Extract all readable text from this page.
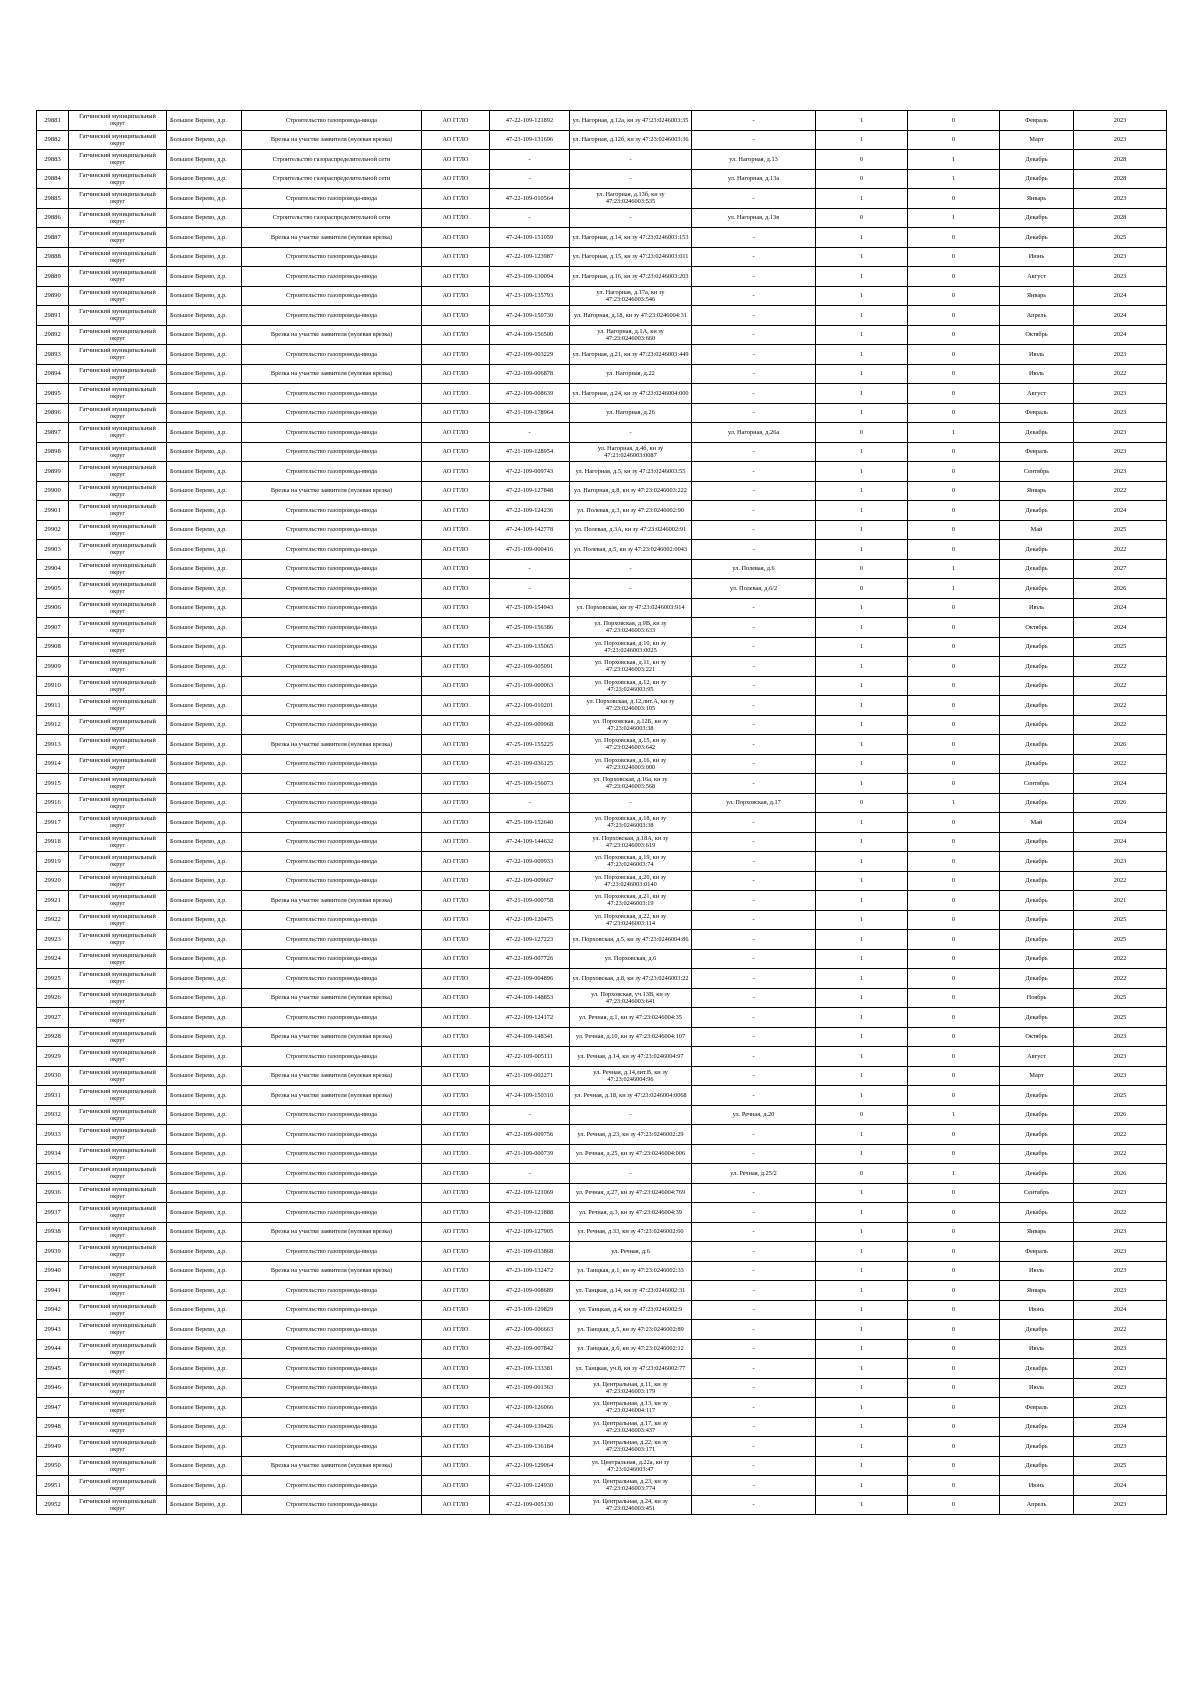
29881	Гатчинский муниципальный округ	Большое Верево, д.р.	Строительство газопровода-ввода	АО ГГЛО	47-22-109-121892	ул. Нагорная, д.12а, кн зу 47:23:0246003:35	-	1	0	Февраль	2023
29882	Гатчинский муниципальный округ	Большое Верево, д.р.	Врезка на участке заявителя (нулевая врезка)	АО ГГЛО	47-23-109-131696	ул. Нагорная, д.12б, кн зу 47:23:0246003:36	-	1	0	Март	2023
29883	Гатчинский муниципальный округ	Большое Верево, д.р.	Строительство газораспределительной сети	АО ГГЛО	-	-	ул. Нагорная, д.13	0	1	Декабрь	2028
29884	Гатчинский муниципальный округ	Большое Верево, д.р.	Строительство газораспределительной сети	АО ГГЛО	-	-	ул. Нагорная, д.13а	0	1	Декабрь	2028
29885	Гатчинский муниципальный округ	Большое Верево, д.р.	Строительство газопровода-ввода	АО ГГЛО	47-22-109-010564	ул. Нагорная, д.13б, кн зу 47:23:0246003:535	-	1	0	Январь	2023
29886	Гатчинский муниципальный округ	Большое Верево, д.р.	Строительство газораспределительной сети	АО ГГЛО	-	-	ул. Нагорная, д.13в	0	1	Декабрь	2028
29887	Гатчинский муниципальный округ	Большое Верево, д.р.	Врезка на участке заявителя (нулевая врезка)	АО ГГЛО	47-24-109-151059	ул. Нагорная, д.14, кн зу 47:23:0246003:153	-	1	0	Декабрь	2025
29888	Гатчинский муниципальный округ	Большое Верево, д.р.	Строительство газопровода-ввода	АО ГГЛО	47-22-109-123987	ул. Нагорная, д.15, кн зу 47:23:0246003:011	-	1	0	Июнь	2023
29889	Гатчинский муниципальный округ	Большое Верево, д.р.	Строительство газопровода-ввода	АО ГГЛО	47-23-109-130094	ул. Нагорная, д.16, кн зу 47:23:0246003:203	-	1	0	Август	2023
29890	Гатчинский муниципальный округ	Большое Верево, д.р.	Строительство газопровода-ввода	АО ГГЛО	47-23-109-135793	ул. Нагорная, д.17а, кн зу 47:23:0246003:546	-	1	0	Январь	2024
29891	Гатчинский муниципальный округ	Большое Верево, д.р.	Строительство газопровода-ввода	АО ГГЛО	47-24-109-150730	ул. Нагорная, д.18, кн зу 47:23:0246004:31	-	1	0	Апрель	2024
29892	Гатчинский муниципальный округ	Большое Верево, д.р.	Врезка на участке заявителя (нулевая врезка)	АО ГГЛО	47-24-109-156500	ул. Нагорная, д.1А, кн зу 47:23:0246003:660	-	1	0	Октябрь	2024
29893	Гатчинский муниципальный округ	Большое Верево, д.р.	Строительство газопровода-ввода	АО ГГЛО	47-22-109-003229	ул. Нагорная, д.21, кн зу 47:23:0246003:449	-	1	0	Июль	2023
29894	Гатчинский муниципальный округ	Большое Верево, д.р.	Врезка на участке заявителя (нулевая врезка)	АО ГГЛО	47-22-109-006878	ул. Нагорная, д.22	-	1	0	Июль	2022
29895	Гатчинский муниципальный округ	Большое Верево, д.р.	Строительство газопровода-ввода	АО ГГЛО	47-22-109-008639	ул. Нагорная, д.24, кн зу 47:23:0246004:000	-	1	0	Август	2023
29896	Гатчинский муниципальный округ	Большое Верево, д.р.	Строительство газопровода-ввода	АО ГГЛО	47-21-109-178964	ул. Нагорная, д.26	-	1	0	Февраль	2023
29897	Гатчинский муниципальный округ	Большое Верево, д.р.	Строительство газопровода-ввода	АО ГГЛО	-	-	ул. Нагорная, д.26а	0	1	Декабрь	2023
29898	Гатчинский муниципальный округ	Большое Верево, д.р.	Строительство газопровода-ввода	АО ГГЛО	47-21-109-128954	ул. Нагорная, д.4б, кн зу 47:23:0246003:0087	-	1	0	Февраль	2023
29899	Гатчинский муниципальный округ	Большое Верево, д.р.	Строительство газопровода-ввода	АО ГГЛО	47-22-109-009743	ул. Нагорная, д.5, кн зу 47:23:0246003:55	-	1	0	Сентябрь	2023
29900	Гатчинский муниципальный округ	Большое Верево, д.р.	Врезка на участке заявителя (нулевая врезка)	АО ГГЛО	47-22-109-127848	ул. Нагорная, д.8, кн зу 47:23:0246003:222	-	1	0	Январь	2022
29901	Гатчинский муниципальный округ	Большое Верево, д.р.	Строительство газопровода-ввода	АО ГГЛО	47-22-109-124236	ул. Полевая, д.3, кн зу 47:23:0246002:90	-	1	0	Декабрь	2024
29902	Гатчинский муниципальный округ	Большое Верево, д.р.	Строительство газопровода-ввода	АО ГГЛО	47-24-109-142778	ул. Полевая, д.3А, кн зу 47:23:0246002:91	-	1	0	Май	2025
29903	Гатчинский муниципальный округ	Большое Верево, д.р.	Строительство газопровода-ввода	АО ГГЛО	47-21-109-000416	ул. Полевая, д.5, кн зу 47:23:0246002:0043	-	1	0	Декабрь	2022
29904	Гатчинский муниципальный округ	Большое Верево, д.р.	Строительство газопровода-ввода	АО ГГЛО	-	-	ул. Полевая, д.6	0	1	Декабрь	2027
29905	Гатчинский муниципальный округ	Большое Верево, д.р.	Строительство газопровода-ввода	АО ГГЛО	-	-	ул. Полевая, д.6/2	0	1	Декабрь	2026
29906	Гатчинский муниципальный округ	Большое Верево, д.р.	Строительство газопровода-ввода	АО ГГЛО	47-25-109-154943	ул. Порховская, кн зу 47:23:0246003:914	-	1	0	Июль	2024
29907	Гатчинский муниципальный округ	Большое Верево, д.р.	Строительство газопровода-ввода	АО ГГЛО	47-25-109-156386	ул. Порховская, д.9В, кн зу 47:23:0246003:633	-	1	0	Октябрь	2024
29908	Гатчинский муниципальный округ	Большое Верево, д.р.	Строительство газопровода-ввода	АО ГГЛО	47-23-109-135065	ул. Порховская, д.10, кн зу 47:23:0246003:0025	-	1	0	Декабрь	2025
29909	Гатчинский муниципальный округ	Большое Верево, д.р.	Строительство газопровода-ввода	АО ГГЛО	47-22-109-005091	ул. Порховская, д.11, кн зу 47:23:0246003:221	-	1	0	Декабрь	2022
29910	Гатчинский муниципальный округ	Большое Верево, д.р.	Строительство газопровода-ввода	АО ГГЛО	47-21-109-000063	ул. Порховская, д.12, кн зу 47:23:0246003:95	-	1	0	Декабрь	2022
29911	Гатчинский муниципальный округ	Большое Верево, д.р.	Строительство газопровода-ввода	АО ГГЛО	47-22-109-010201	ул. Порховская, д.12,лит.А, кн зу 47:23:0246003:105	-	1	0	Декабрь	2022
29912	Гатчинский муниципальный округ	Большое Верево, д.р.	Строительство газопровода-ввода	АО ГГЛО	47-22-109-009968	ул. Порховская, д.12Б, кн зу 47:23:0246003:38	-	1	0	Декабрь	2022
29913	Гатчинский муниципальный округ	Большое Верево, д.р.	Врезка на участке заявителя (нулевая врезка)	АО ГГЛО	47-25-109-155225	ул. Порховская, д.15, кн зу 47:23:0246003:642	-	1	0	Декабрь	2026
29914	Гатчинский муниципальный округ	Большое Верево, д.р.	Строительство газопровода-ввода	АО ГГЛО	47-21-109-036125	ул. Порховская, д.16, кн зу 47:23:0246003:000	-	1	0	Декабрь	2022
29915	Гатчинский муниципальный округ	Большое Верево, д.р.	Строительство газопровода-ввода	АО ГГЛО	47-25-109-156073	ул. Порховская, д.16а, кн зу 47:23:0246003:568	-	1	0	Сентябрь	2024
29916	Гатчинский муниципальный округ	Большое Верево, д.р.	Строительство газопровода-ввода	АО ГГЛО	-	-	ул. Порховская, д.17	0	1	Декабрь	2026
29917	Гатчинский муниципальный округ	Большое Верево, д.р.	Строительство газопровода-ввода	АО ГГЛО	47-25-109-152640	ул. Порховская, д.18, кн зу 47:23:0246003:38	-	1	0	Май	2024
29918	Гатчинский муниципальный округ	Большое Верево, д.р.	Строительство газопровода-ввода	АО ГГЛО	47-24-109-144632	ул. Порховская, д.18А, кн зу 47:23:0246003:619	-	1	0	Декабрь	2024
29919	Гатчинский муниципальный округ	Большое Верево, д.р.	Строительство газопровода-ввода	АО ГГЛО	47-22-109-009933	ул. Порховская, д.19, кн зу 47:23:0246003:74	-	1	0	Декабрь	2023
29920	Гатчинский муниципальный округ	Большое Верево, д.р.	Строительство газопровода-ввода	АО ГГЛО	47-22-109-009667	ул. Порховская, д.20, кн зу 47:23:0246003:0140	-	1	0	Декабрь	2022
29921	Гатчинский муниципальный округ	Большое Верево, д.р.	Врезка на участке заявителя (нулевая врезка)	АО ГГЛО	47-21-109-000758	ул. Порховская, д.21, кн зу 47:23:0246003:19	-	1	0	Декабрь	2021
29922	Гатчинский муниципальный округ	Большое Верево, д.р.	Строительство газопровода-ввода	АО ГГЛО	47-22-109-120475	ул. Порховская, д.22, кн зу 47:23:0246003:114	-	1	0	Декабрь	2025
29923	Гатчинский муниципальный округ	Большое Верево, д.р.	Строительство газопровода-ввода	АО ГГЛО	47-22-109-127223	ул. Порховская, д.5, кн зу 47:23:0246004:86	-	1	0	Декабрь	2025
29924	Гатчинский муниципальный округ	Большое Верево, д.р.	Строительство газопровода-ввода	АО ГГЛО	47-22-109-007726	ул. Порховская, д.6	-	1	0	Декабрь	2022
29925	Гатчинский муниципальный округ	Большое Верево, д.р.	Строительство газопровода-ввода	АО ГГЛО	47-22-109-004896	ул. Порховская, д.8, кн зу 47:23:0246003:22	-	1	0	Декабрь	2022
29926	Гатчинский муниципальный округ	Большое Верево, д.р.	Врезка на участке заявителя (нулевая врезка)	АО ГГЛО	47-24-109-148853	ул. Порховская, уч.13В, кн зу 47:23:0246003:641	-	1	0	Ноябрь	2025
29927	Гатчинский муниципальный округ	Большое Верево, д.р.	Строительство газопровода-ввода	АО ГГЛО	47-22-109-124172	ул. Речная, д.1, кн зу 47:23:0246004:35	-	1	0	Декабрь	2025
29928	Гатчинский муниципальный округ	Большое Верево, д.р.	Врезка на участке заявителя (нулевая врезка)	АО ГГЛО	47-24-109-148341	ул. Речная, д.10, кн зу 47:23:0246004:107	-	1	0	Октябрь	2023
29929	Гатчинский муниципальный округ	Большое Верево, д.р.	Строительство газопровода-ввода	АО ГГЛО	47-22-109-005111	ул. Речная, д.14, кн зу 47:23:0246004:97	-	1	0	Август	2023
29930	Гатчинский муниципальный округ	Большое Верево, д.р.	Врезка на участке заявителя (нулевая врезка)	АО ГГЛО	47-21-109-002271	ул. Речная, д.14,лит.В, кн зу 47:23:0246004:96	-	1	0	Март	2023
29931	Гатчинский муниципальный округ	Большое Верево, д.р.	Врезка на участке заявителя (нулевая врезка)	АО ГГЛО	47-24-109-150310	ул. Речная, д.18, кн зу 47:23:0246004:0068	-	1	0	Декабрь	2025
29932	Гатчинский муниципальный округ	Большое Верево, д.р.	Строительство газопровода-ввода	АО ГГЛО	-	-	ул. Речная, д.20	0	1	Декабрь	2026
29933	Гатчинский муниципальный округ	Большое Верево, д.р.	Строительство газопровода-ввода	АО ГГЛО	47-22-109-009756	ул. Речная, д.23, кн зу 47:23:0246002:29	-	1	0	Декабрь	2022
29934	Гатчинский муниципальный округ	Большое Верево, д.р.	Строительство газопровода-ввода	АО ГГЛО	47-21-109-000739	ул. Речная, д.25, кн зу 47:23:0246004:006	-	1	0	Декабрь	2022
29935	Гатчинский муниципальный округ	Большое Верево, д.р.	Строительство газопровода-ввода	АО ГГЛО	-	-	ул. Речная, д.25/2	0	1	Декабрь	2026
29936	Гатчинский муниципальный округ	Большое Верево, д.р.	Строительство газопровода-ввода	АО ГГЛО	47-22-109-121069	ул. Речная, д.27, кн зу 47:23:0246004:769	-	1	0	Сентябрь	2023
29937	Гатчинский муниципальный округ	Большое Верево, д.р.	Строительство газопровода-ввода	АО ГГЛО	47-21-109-121888	ул. Речная, д.3, кн зу 47:23:0246004:39	-	1	0	Декабрь	2022
29938	Гатчинский муниципальный округ	Большое Верево, д.р.	Врезка на участке заявителя (нулевая врезка)	АО ГГЛО	47-22-109-127905	ул. Речная, д.33, кн зу 47:23:0246002:60	-	1	0	Январь	2023
29939	Гатчинский муниципальный округ	Большое Верево, д.р.	Строительство газопровода-ввода	АО ГГЛО	47-21-109-033868	ул. Речная, д.6	-	1	0	Февраль	2023
29940	Гатчинский муниципальный округ	Большое Верево, д.р.	Врезка на участке заявителя (нулевая врезка)	АО ГГЛО	47-23-109-132472	ул. Танцкая, д.1, кн зу 47:23:0246002:33	-	1	0	Июль	2023
29941	Гатчинский муниципальный округ	Большое Верево, д.р.	Строительство газопровода-ввода	АО ГГЛО	47-22-109-008689	ул. Танцкая, д.14, кн зу 47:23:0246002:31	-	1	0	Январь	2023
29942	Гатчинский муниципальный округ	Большое Верево, д.р.	Строительство газопровода-ввода	АО ГГЛО	47-23-109-129829	ул. Танцкая, д.4, кн зу 47:23:0246002:9	-	1	0	Июнь	2024
29943	Гатчинский муниципальный округ	Большое Верево, д.р.	Строительство газопровода-ввода	АО ГГЛО	47-22-109-006663	ул. Танцкая, д.5, кн зу 47:23:0246002:89	-	1	0	Декабрь	2022
29944	Гатчинский муниципальный округ	Большое Верево, д.р.	Строительство газопровода-ввода	АО ГГЛО	47-22-109-007842	ул. Танцкая, д.6, кн зу 47:23:0246002:12	-	1	0	Июль	2023
29945	Гатчинский муниципальный округ	Большое Верево, д.р.	Строительство газопровода-ввода	АО ГГЛО	47-23-109-133381	ул. Танцкая, уч.8, кн зу 47:23:0246002:77	-	1	0	Декабрь	2023
29946	Гатчинский муниципальный округ	Большое Верево, д.р.	Строительство газопровода-ввода	АО ГГЛО	47-21-109-001363	ул. Центральная, д.11, кн зу 47:23:0246003:179	-	1	0	Июль	2023
29947	Гатчинский муниципальный округ	Большое Верево, д.р.	Строительство газопровода-ввода	АО ГГЛО	47-22-109-126066	ул. Центральная, д.13, кн зу 47:23:0246004:117	-	1	0	Февраль	2023
29948	Гатчинский муниципальный округ	Большое Верево, д.р.	Строительство газопровода-ввода	АО ГГЛО	47-24-109-139426	ул. Центральная, д.17, кн зу 47:23:0246003:437	-	1	0	Декабрь	2024
29949	Гатчинский муниципальный округ	Большое Верево, д.р.	Строительство газопровода-ввода	АО ГГЛО	47-23-109-136184	ул. Центральная, д.22, кн зу 47:23:0246003:171	-	1	0	Декабрь	2023
29950	Гатчинский муниципальный округ	Большое Верево, д.р.	Врезка на участке заявителя (нулевая врезка)	АО ГГЛО	47-22-109-129064	ул. Центральная, д.22а, кн зу 47:23:0246003:47	-	1	0	Декабрь	2025
29951	Гатчинский муниципальный округ	Большое Верево, д.р.	Строительство газопровода-ввода	АО ГГЛО	47-22-109-124930	ул. Центральная, д.23, кн зу 47:23:0246003:774	-	1	0	Июнь	2024
29952	Гатчинский муниципальный округ	Большое Верево, д.р.	Строительство газопровода-ввода	АО ГГЛО	47-22-109-005130	ул. Центральная, д.24, кн зу 47:23:0246003:451	-	1	0	Апрель	2023
